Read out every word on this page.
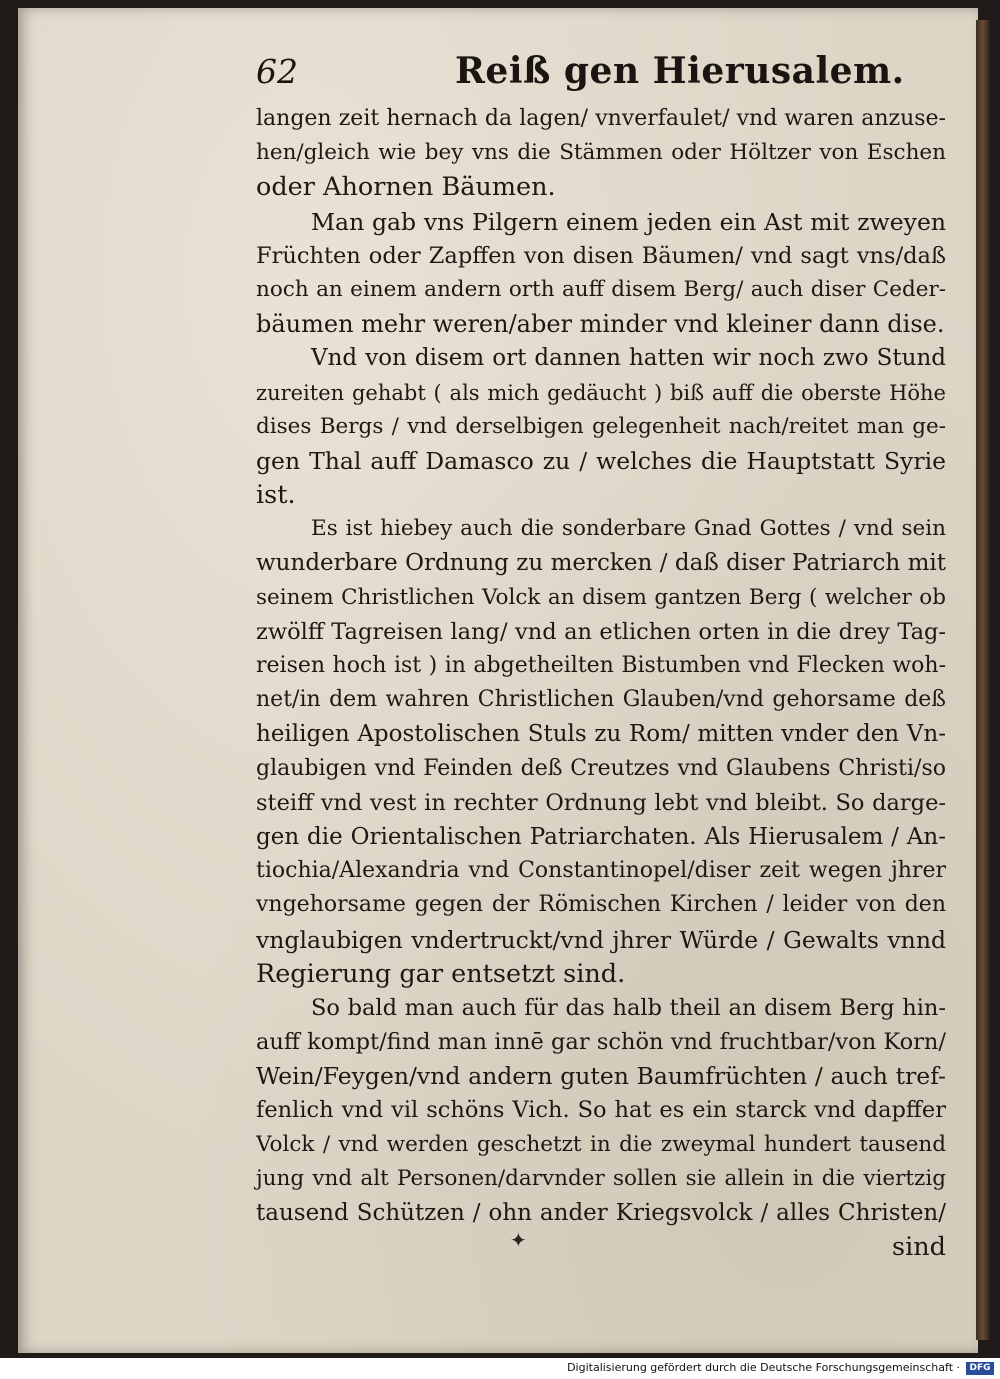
62	Reiß gen Hierusalem.
langen zeit hernach da lagen/ vnverfaulet/ vnd waren anzuse-
hen/gleich wie bey vns die Stämmen oder Höltzer von Eschen
oder Ahornen Bäumen.
Man gab vns Pilgern einem jeden ein Ast mit zweyen
Früchten oder Zapffen von disen Bäumen/ vnd sagt vns/daß
noch an einem andern orth auff disem Berg/ auch diser Ceder-
bäumen mehr weren/aber minder vnd kleiner dann dise.
Vnd von disem ort dannen hatten wir noch zwo Stund
zureiten gehabt ( als mich gedäucht ) biß auff die oberste Höhe
dises Bergs / vnd derselbigen gelegenheit nach/reitet man ge-
gen Thal auff Damasco zu / welches die Hauptstatt Syrie
ist.
Es ist hiebey auch die sonderbare Gnad Gottes / vnd sein
wunderbare Ordnung zu mercken / daß diser Patriarch mit
seinem Christlichen Volck an disem gantzen Berg ( welcher ob
zwölff Tagreisen lang/ vnd an etlichen orten in die drey Tag-
reisen hoch ist ) in abgetheilten Bistumben vnd Flecken woh-
net/in dem wahren Christlichen Glauben/vnd gehorsame deß
heiligen Apostolischen Stuls zu Rom/ mitten vnder den Vn-
glaubigen vnd Feinden deß Creutzes vnd Glaubens Christi/so
steiff vnd vest in rechter Ordnung lebt vnd bleibt. So darge-
gen die Orientalischen Patriarchaten. Als Hierusalem / An-
tiochia/Alexandria vnd Constantinopel/diser zeit wegen jhrer
vngehorsame gegen der Römischen Kirchen / leider von den
vnglaubigen vndertruckt/vnd jhrer Würde / Gewalts vnnd
Regierung gar entsetzt sind.
So bald man auch für das halb theil an disem Berg hin-
auff kompt/find man innē gar schön vnd fruchtbar/von Korn/
Wein/Feygen/vnd andern guten Baumfrüchten / auch tref-
fenlich vnd vil schöns Vich. So hat es ein starck vnd dapffer
Volck / vnd werden geschetzt in die zweymal hundert tausend
jung vnd alt Personen/darvnder sollen sie allein in die viertzig
tausend Schützen / ohn ander Kriegsvolck / alles Christen/
sind
✦
Digitalisierung gefördert durch die Deutsche Forschungsgemeinschaft ·	DFG
